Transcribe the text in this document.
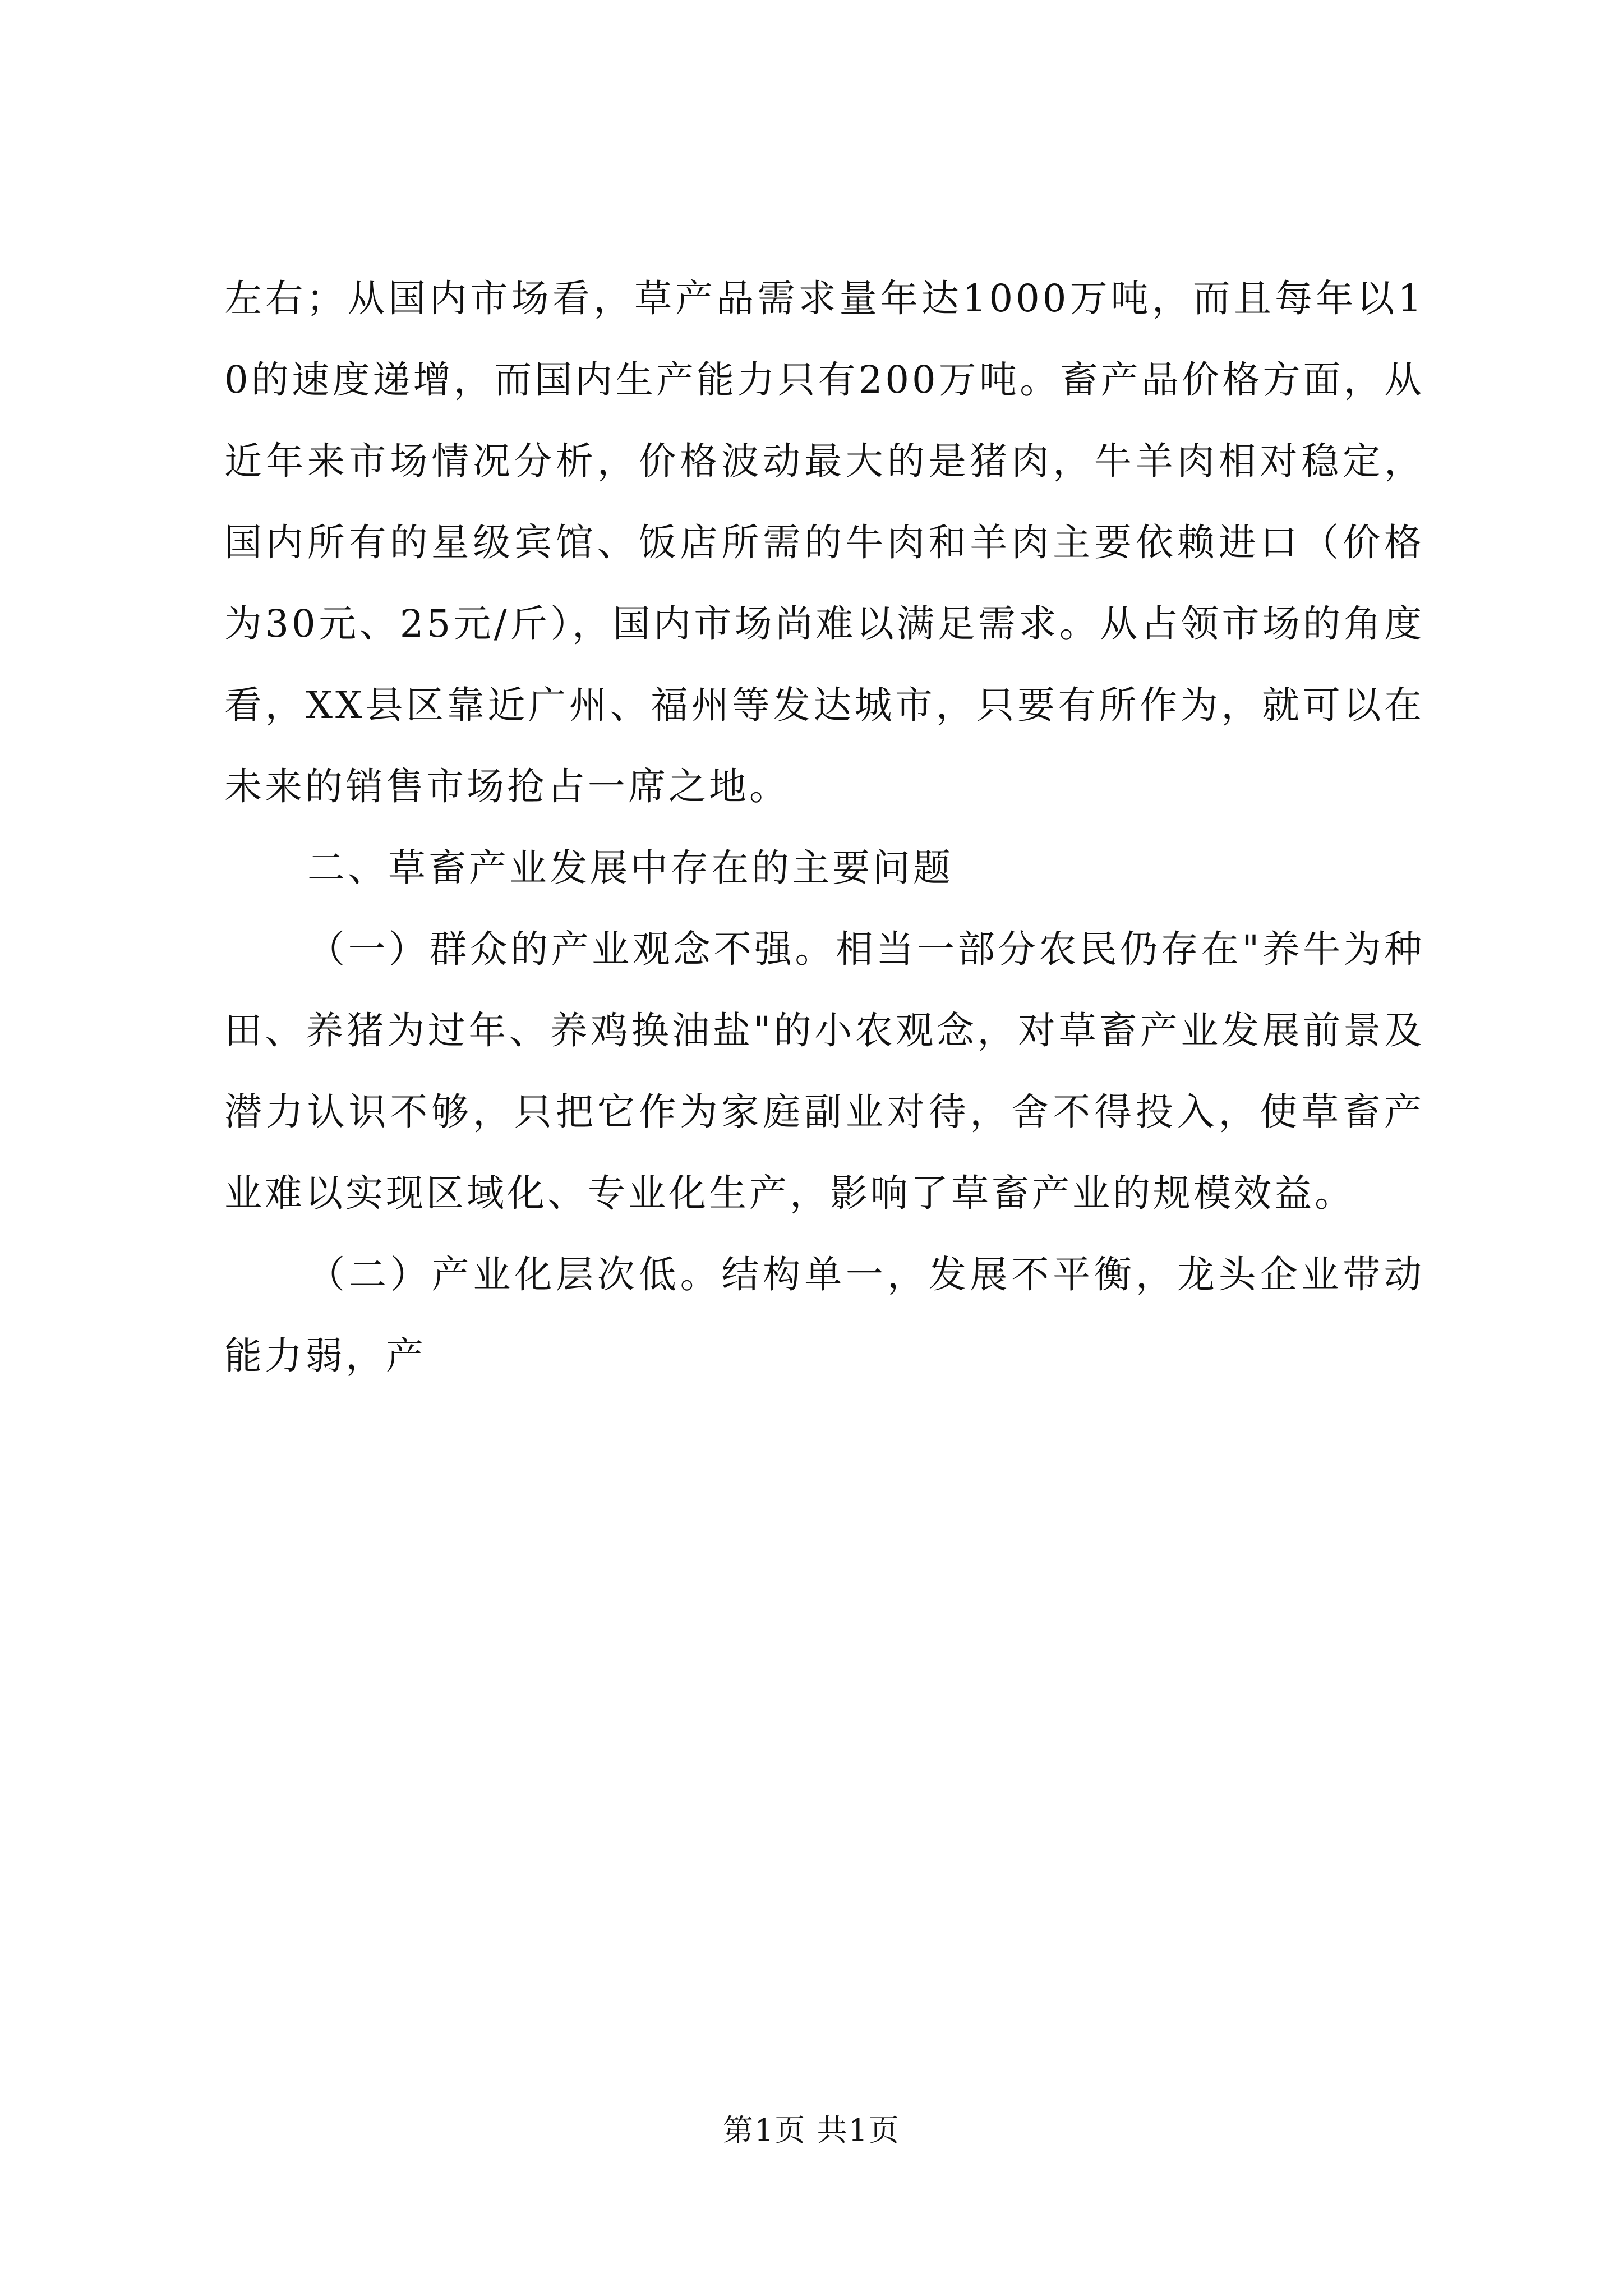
左右；从国内市场看，草产品需求量年达1000万吨，而且每年以10的速度递增，而国内生产能力只有200万吨。畜产品价格方面，从近年来市场情况分析，价格波动最大的是猪肉，牛羊肉相对稳定，国内所有的星级宾馆、饭店所需的牛肉和羊肉主要依赖进口（价格为30元、25元/斤），国内市场尚难以满足需求。从占领市场的角度看，XX县区靠近广州、福州等发达城市，只要有所作为，就可以在未来的销售市场抢占一席之地。

二、草畜产业发展中存在的主要问题

（一）群众的产业观念不强。相当一部分农民仍存在"养牛为种田、养猪为过年、养鸡换油盐"的小农观念，对草畜产业发展前景及潜力认识不够，只把它作为家庭副业对待，舍不得投入，使草畜产业难以实现区域化、专业化生产，影响了草畜产业的规模效益。

（二）产业化层次低。结构单一，发展不平衡，龙头企业带动能力弱，产

第1页 共1页
